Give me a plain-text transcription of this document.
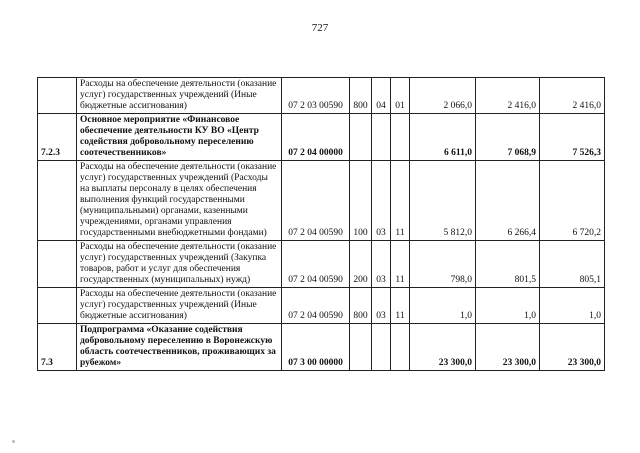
727
	Расходы на обеспечение деятельности (оказание услуг) государственных учреждений (Иные бюджетные ассигнования)	07 2 03 00590	800	04	01	2 066,0	2 416,0	2 416,0
7.2.3	Основное мероприятие «Финансовое обеспечение деятельности КУ ВО «Центр содействия добровольному переселению соотечественников»	07 2 04 00000				6 611,0	7 068,9	7 526,3
	Расходы на обеспечение деятельности (оказание услуг) государственных учреждений (Расходы на выплаты персоналу в целях обеспечения выполнения функций государственными (муниципальными) органами, казенными учреждениями, органами управления государственными внебюджетными фондами)	07 2 04 00590	100	03	11	5 812,0	6 266,4	6 720,2
	Расходы на обеспечение деятельности (оказание услуг) государственных учреждений (Закупка товаров, работ и услуг для обеспечения государственных (муниципальных) нужд)	07 2 04 00590	200	03	11	798,0	801,5	805,1
	Расходы на обеспечение деятельности (оказание услуг) государственных учреждений (Иные бюджетные ассигнования)	07 2 04 00590	800	03	11	1,0	1,0	1,0
7.3	Подпрограмма «Оказание содействия добровольному переселению в Воронежскую область соотечественников, проживающих за рубежом»	07 3 00 00000				23 300,0	23 300,0	23 300,0
